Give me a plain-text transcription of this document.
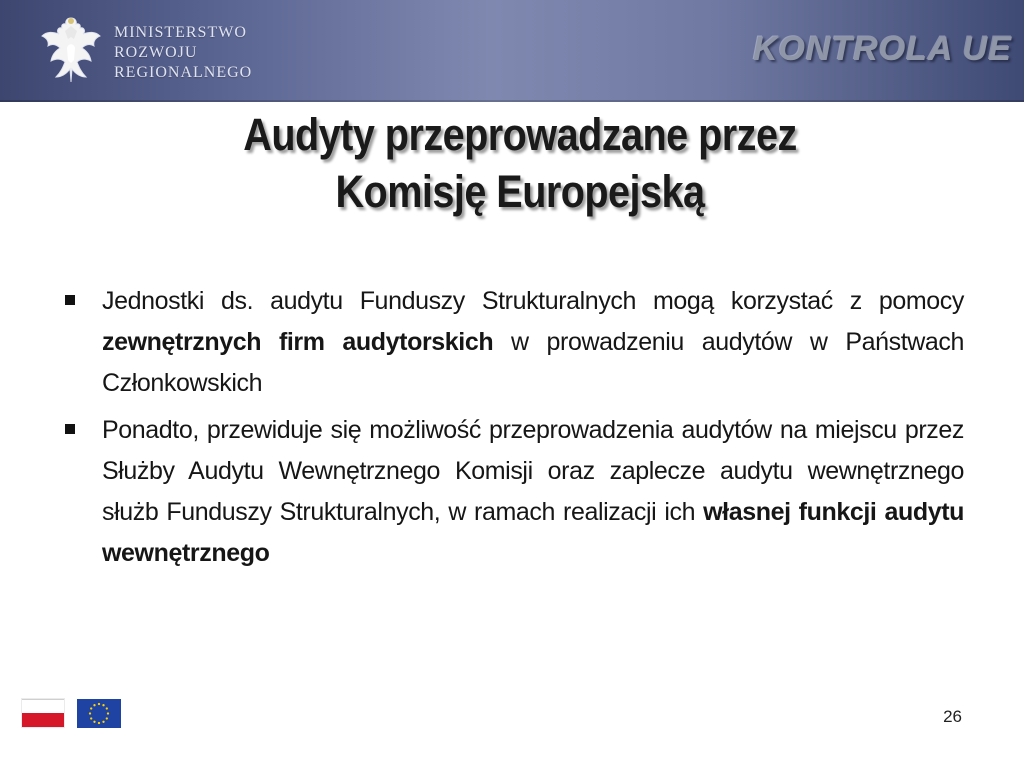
MINISTERSTWO
ROZWOJU
REGIONALNEGO
KONTROLA UE
Audyty przeprowadzane przez
Komisję Europejską
Jednostki ds. audytu Funduszy Strukturalnych mogą korzystać z pomocy zewnętrznych firm audytorskich w prowadzeniu audytów w Państwach Członkowskich
Ponadto, przewiduje się możliwość przeprowadzenia audytów na miejscu przez Służby Audytu Wewnętrznego Komisji oraz zaplecze audytu wewnętrznego służb Funduszy Strukturalnych, w ramach realizacji ich własnej funkcji audytu wewnętrznego
26
